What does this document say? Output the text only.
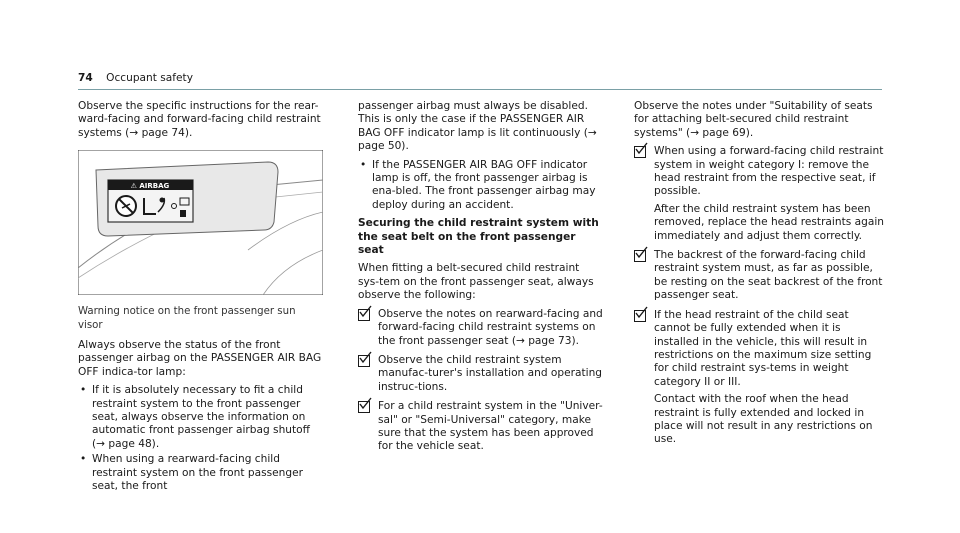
74 Occupant safety

Observe the specific instructions for the rear-ward-facing and forward-facing child restraint systems (→ page 74).

⚠ AIRBAG

Warning notice on the front passenger sun visor

Always observe the status of the front passenger airbag on the PASSENGER AIR BAG OFF indica-tor lamp:

• If it is absolutely necessary to fit a child restraint system to the front passenger seat, always observe the information on automatic front passenger airbag shutoff (→ page 48).
• When using a rearward-facing child restraint system on the front passenger seat, the front

passenger airbag must always be disabled. This is only the case if the PASSENGER AIR BAG OFF indicator lamp is lit continuously (→ page 50).

• If the PASSENGER AIR BAG OFF indicator lamp is off, the front passenger airbag is ena-bled. The front passenger airbag may deploy during an accident.

Securing the child restraint system with the seat belt on the front passenger seat

When fitting a belt-secured child restraint sys-tem on the front passenger seat, always observe the following:

Observe the notes on rearward-facing and forward-facing child restraint systems on the front passenger seat (→ page 73).
Observe the child restraint system manufac-turer's installation and operating instruc-tions.
For a child restraint system in the "Univer-sal" or "Semi-Universal" category, make sure that the system has been approved for the vehicle seat.

Observe the notes under "Suitability of seats for attaching belt-secured child restraint systems" (→ page 69).

When using a forward-facing child restraint system in weight category I: remove the head restraint from the respective seat, if possible.

After the child restraint system has been removed, replace the head restraints again immediately and adjust them correctly.

The backrest of the forward-facing child restraint system must, as far as possible, be resting on the seat backrest of the front passenger seat.

If the head restraint of the child seat cannot be fully extended when it is installed in the vehicle, this will result in restrictions on the maximum size setting for child restraint sys-tems in weight category II or III.

Contact with the roof when the head restraint is fully extended and locked in place will not result in any restrictions on use.
